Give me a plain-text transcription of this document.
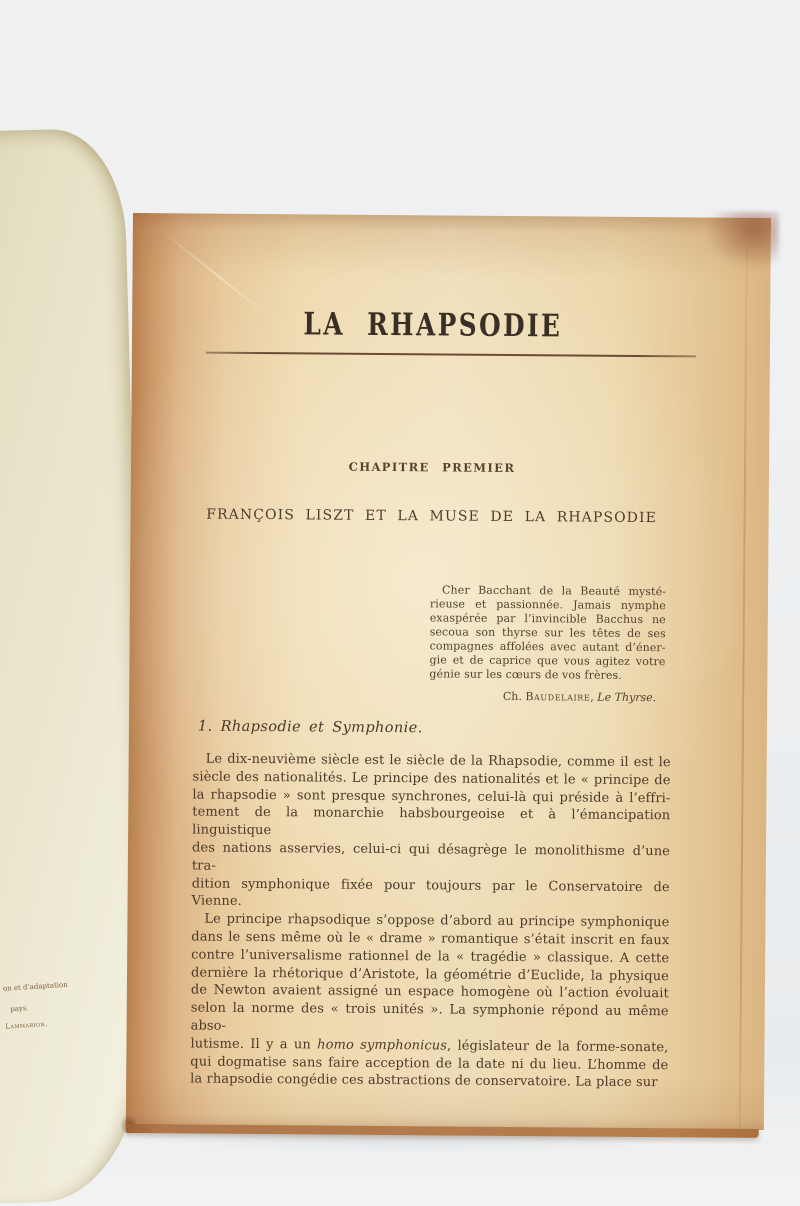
on et d’adaptation
pays.
Lammarion.
LA RHAPSODIE
CHAPITRE PREMIER
FRANÇOIS LISZT ET LA MUSE DE LA RHAPSODIE
Cher Bacchant de la Beauté mysté-
rieuse et passionnée. Jamais nymphe
exaspérée par l’invincible Bacchus ne
secoua son thyrse sur les têtes de ses
compagnes affolées avec autant d’éner-
gie et de caprice que vous agitez votre
génie sur les cœurs de vos frères.
Ch. Baudelaire, Le Thyrse.
1. Rhapsodie et Symphonie.
Le dix-neuvième siècle est le siècle de la Rhapsodie, comme il est le
siècle des nationalités. Le principe des nationalités et le « principe de
la rhapsodie » sont presque synchrones, celui-là qui préside à l’effri-
tement de la monarchie habsbourgeoise et à l’émancipation linguistique
des nations asservies, celui-ci qui désagrège le monolithisme d’une tra-
dition symphonique fixée pour toujours par le Conservatoire de Vienne.
Le principe rhapsodique s’oppose d’abord au principe symphonique
dans le sens même où le « drame » romantique s’était inscrit en faux
contre l’universalisme rationnel de la « tragédie » classique. A cette
dernière la rhétorique d’Aristote, la géométrie d’Euclide, la physique
de Newton avaient assigné un espace homogène où l’action évoluait
selon la norme des « trois unités ». La symphonie répond au même abso-
lutisme. Il y a un homo symphonicus, législateur de la forme-sonate,
qui dogmatise sans faire acception de la date ni du lieu. L’homme de
la rhapsodie congédie ces abstractions de conservatoire. La place sur
